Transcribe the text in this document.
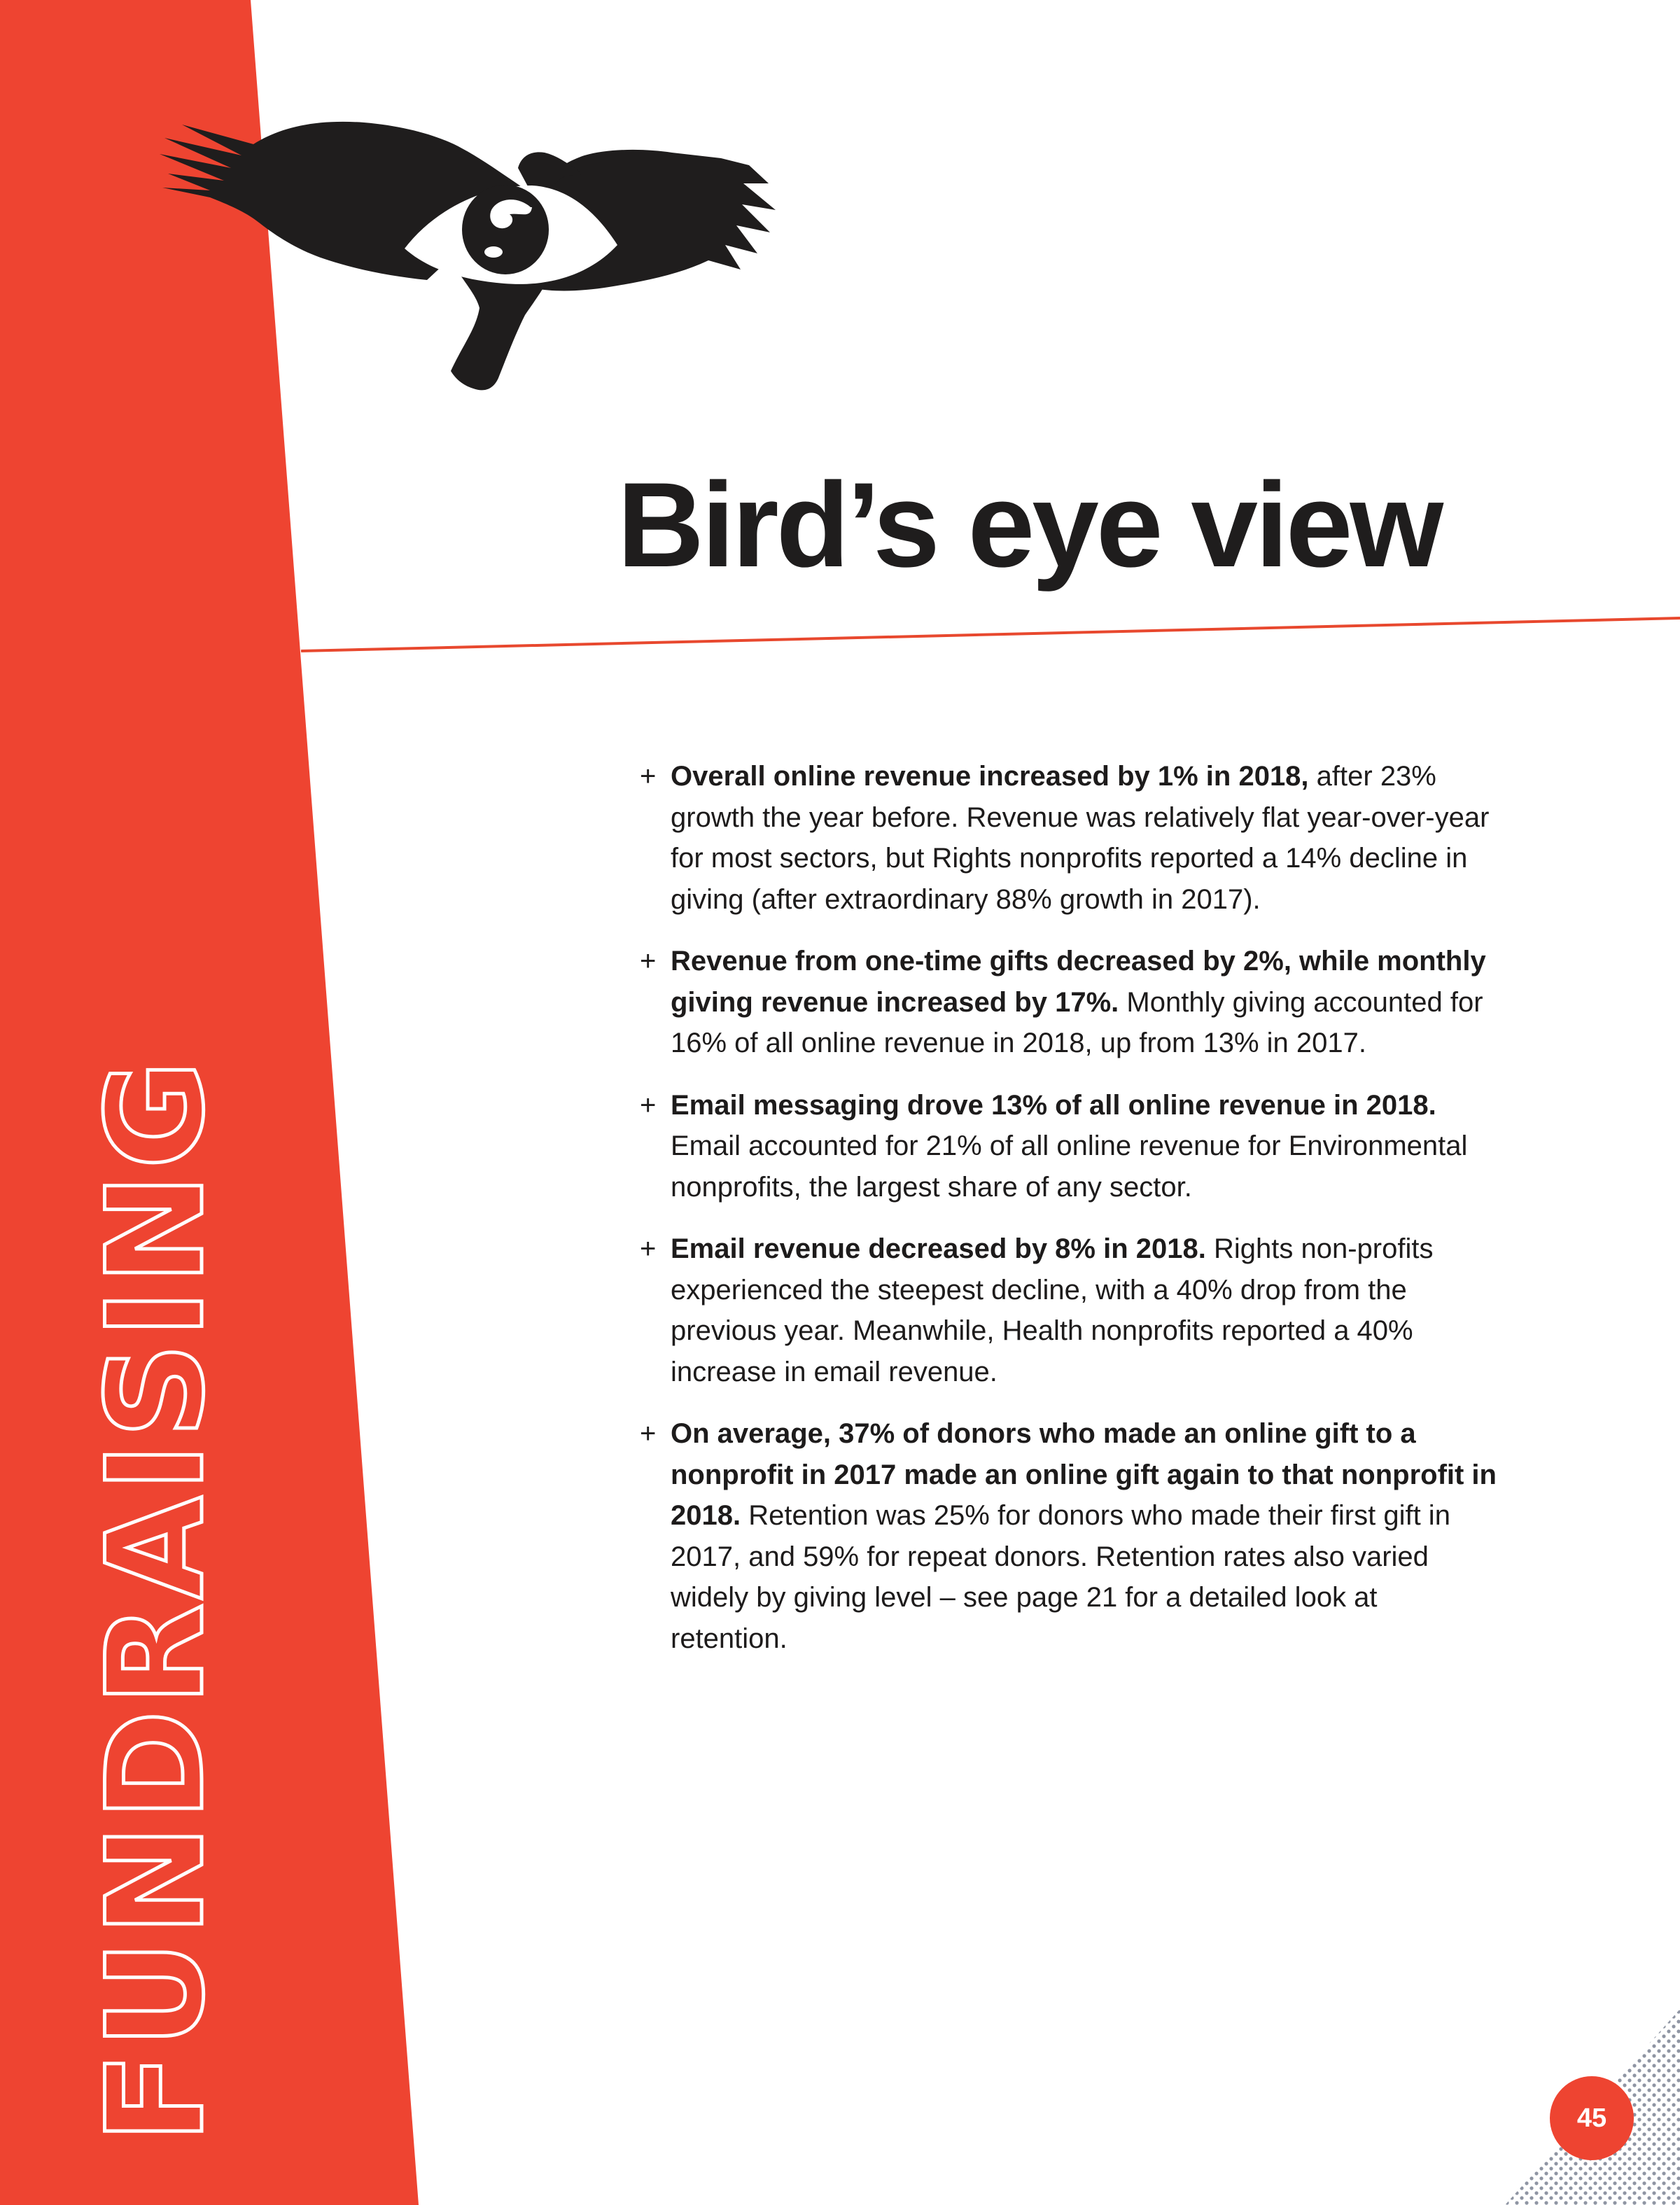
FUNDRAISING
Bird’s eye view
+ Overall online revenue increased by 1% in 2018, after 23% growth the year before. Revenue was relatively flat year-over-year for most sectors, but Rights nonprofits reported a 14% decline in giving (after extraordinary 88% growth in 2017).
+ Revenue from one-time gifts decreased by 2%, while monthly giving revenue increased by 17%. Monthly giving accounted for 16% of all online revenue in 2018, up from 13% in 2017.
+ Email messaging drove 13% of all online revenue in 2018. Email accounted for 21% of all online revenue for Environmental nonprofits, the largest share of any sector.
+ Email revenue decreased by 8% in 2018. Rights non-profits experienced the steepest decline, with a 40% drop from the previous year. Meanwhile, Health nonprofits reported a 40% increase in email revenue.
+ On average, 37% of donors who made an online gift to a nonprofit in 2017 made an online gift again to that nonprofit in 2018. Retention was 25% for donors who made their first gift in 2017, and 59% for repeat donors. Retention rates also varied widely by giving level – see page 21 for a detailed look at retention.
45
